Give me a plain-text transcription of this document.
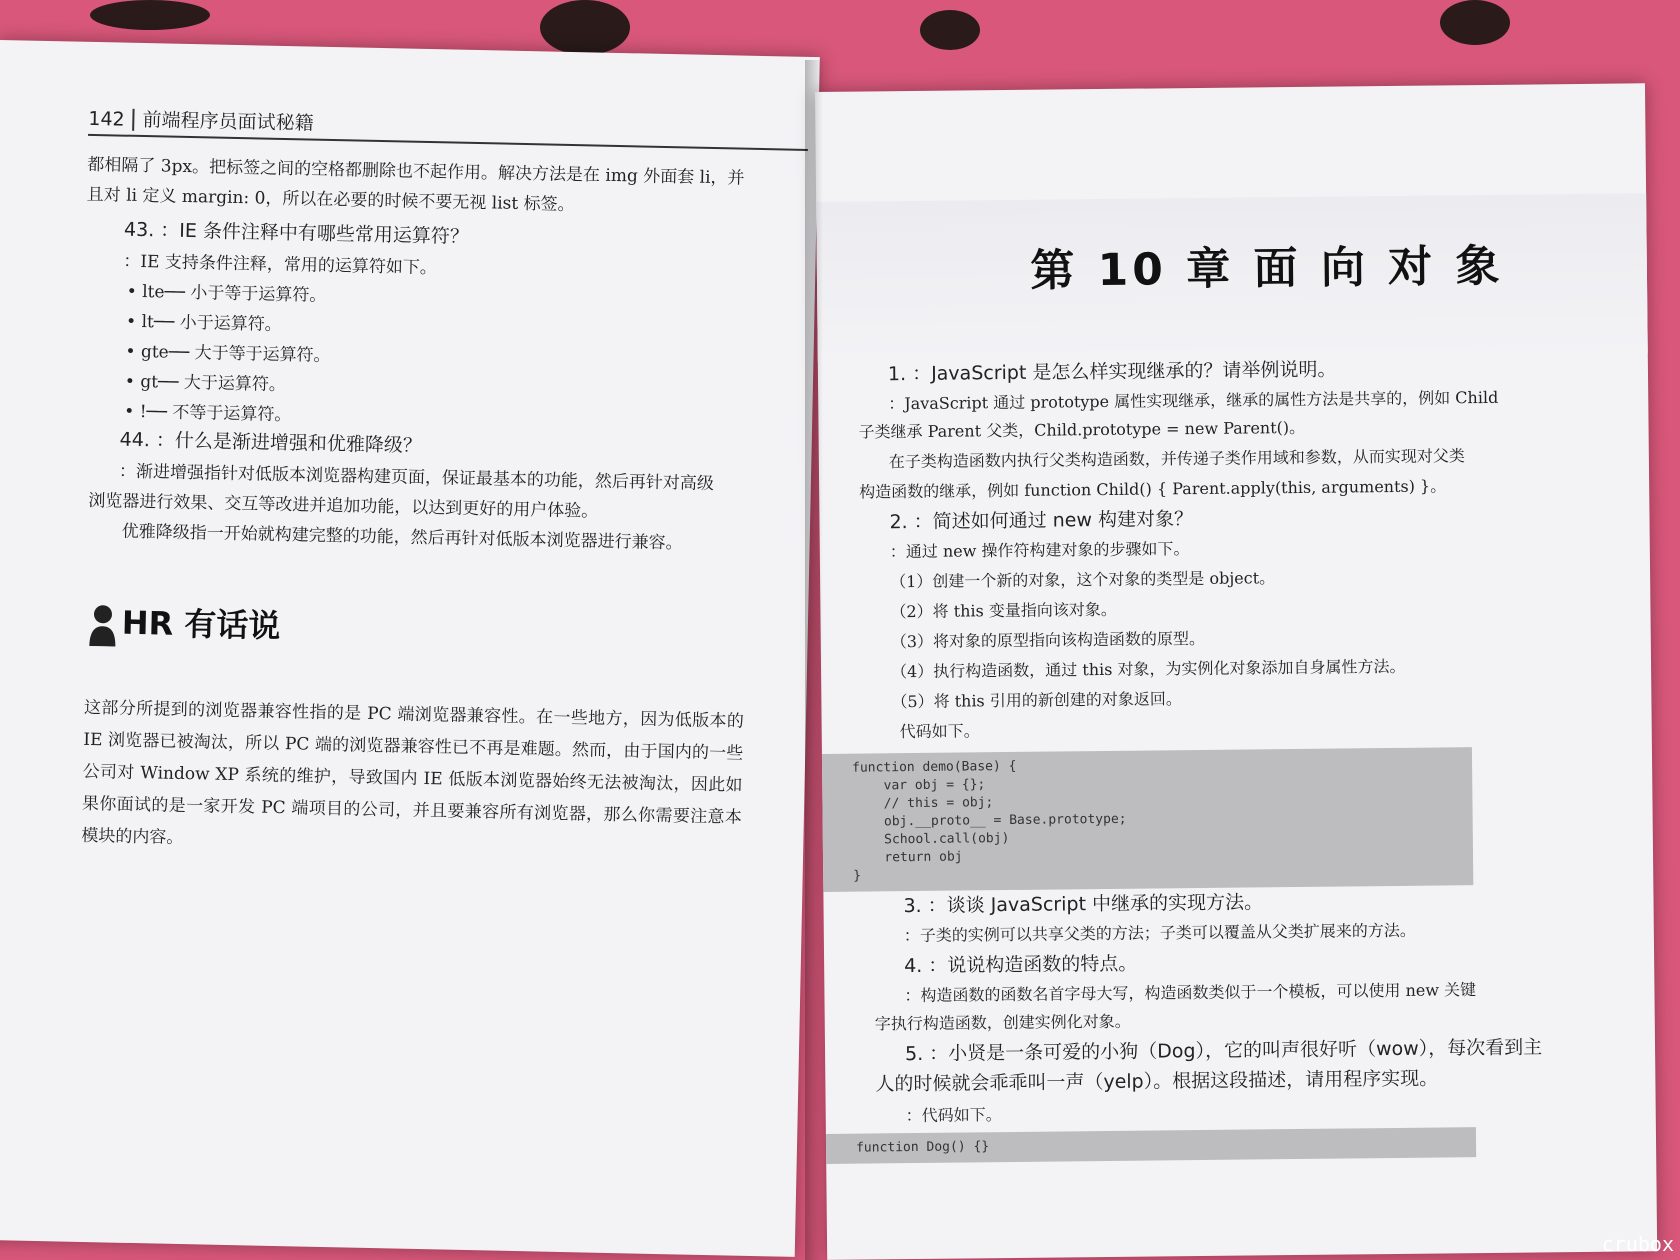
142 前端程序员面试秘籍
都相隔了 3px。把标签之间的空格都删除也不起作用。解决方法是在 img 外面套 li，并
且对 li 定义 margin: 0，所以在必要的时候不要无视 list 标签。
43. ：IE 条件注释中有哪些常用运算符？
：IE 支持条件注释，常用的运算符如下。
• lte── 小于等于运算符。
• lt── 小于运算符。
• gte── 大于等于运算符。
• gt── 大于运算符。
• !── 不等于运算符。
44. ：什么是渐进增强和优雅降级？
：渐进增强指针对低版本浏览器构建页面，保证最基本的功能，然后再针对高级
浏览器进行效果、交互等改进并追加功能，以达到更好的用户体验。
优雅降级指一开始就构建完整的功能，然后再针对低版本浏览器进行兼容。
HR 有话说
这部分所提到的浏览器兼容性指的是 PC 端浏览器兼容性。在一些地方，因为低版本的 IE 浏览器已被淘汰，所以 PC 端的浏览器兼容性已不再是难题。然而，由于国内的一些公司对 Window XP 系统的维护，导致国内 IE 低版本浏览器始终无法被淘汰，因此如果你面试的是一家开发 PC 端项目的公司，并且要兼容所有浏览器，那么你需要注意本模块的内容。
第 10 章 面 向 对 象
1. ：JavaScript 是怎么样实现继承的？请举例说明。
：JavaScript 通过 prototype 属性实现继承，继承的属性方法是共享的，例如 Child
子类继承 Parent 父类，Child.prototype = new Parent()。
在子类构造函数内执行父类构造函数，并传递子类作用域和参数，从而实现对父类
构造函数的继承，例如 function Child() { Parent.apply(this, arguments) }。
2. ：简述如何通过 new 构建对象？
：通过 new 操作符构建对象的步骤如下。
（1）创建一个新的对象，这个对象的类型是 object。
（2）将 this 变量指向该对象。
（3）将对象的原型指向该构造函数的原型。
（4）执行构造函数，通过 this 对象，为实例化对象添加自身属性方法。
（5）将 this 引用的新创建的对象返回。
代码如下。
function demo(Base) {
var obj = {};
// this = obj;
obj.__proto__ = Base.prototype;
School.call(obj)
return obj
}
3. ：谈谈 JavaScript 中继承的实现方法。
：子类的实例可以共享父类的方法；子类可以覆盖从父类扩展来的方法。
4. ：说说构造函数的特点。
：构造函数的函数名首字母大写，构造函数类似于一个模板，可以使用 new 关键
字执行构造函数，创建实例化对象。
5. ：小贤是一条可爱的小狗（Dog），它的叫声很好听（wow），每次看到主
人的时候就会乖乖叫一声（yelp）。根据这段描述，请用程序实现。
：代码如下。
function Dog() {}
crubox
